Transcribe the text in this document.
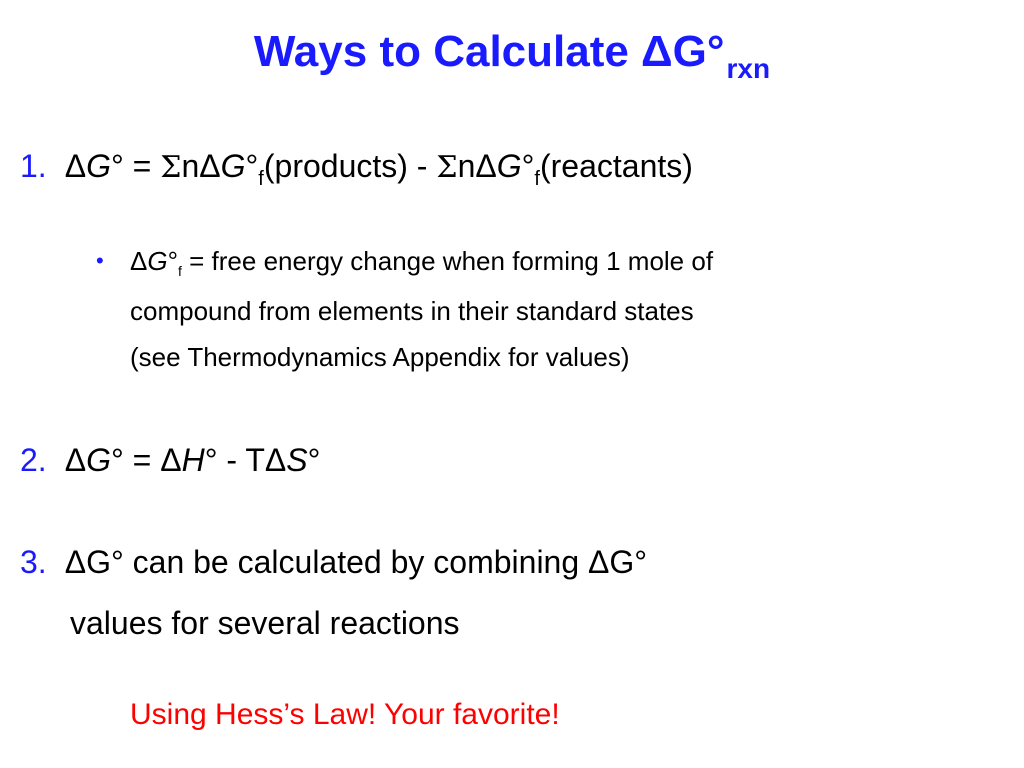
Ways to Calculate $\Delta G^\circ_{rxn}$
1. $\Delta G^\circ = \Sigma n\Delta G^\circ_f(products)$ - $\Sigma n\Delta G^\circ_f(reactants)$
• $\Delta G^\circ_f$ = free energy change when forming 1 mole of
compound from elements in their standard states
(see Thermodynamics Appendix for values)
2. ΔG° = ΔH° - TΔS°
3. ΔG° can be calculated by combining ΔG°
values for several reactions
Using Hess’s Law! Your favorite!
